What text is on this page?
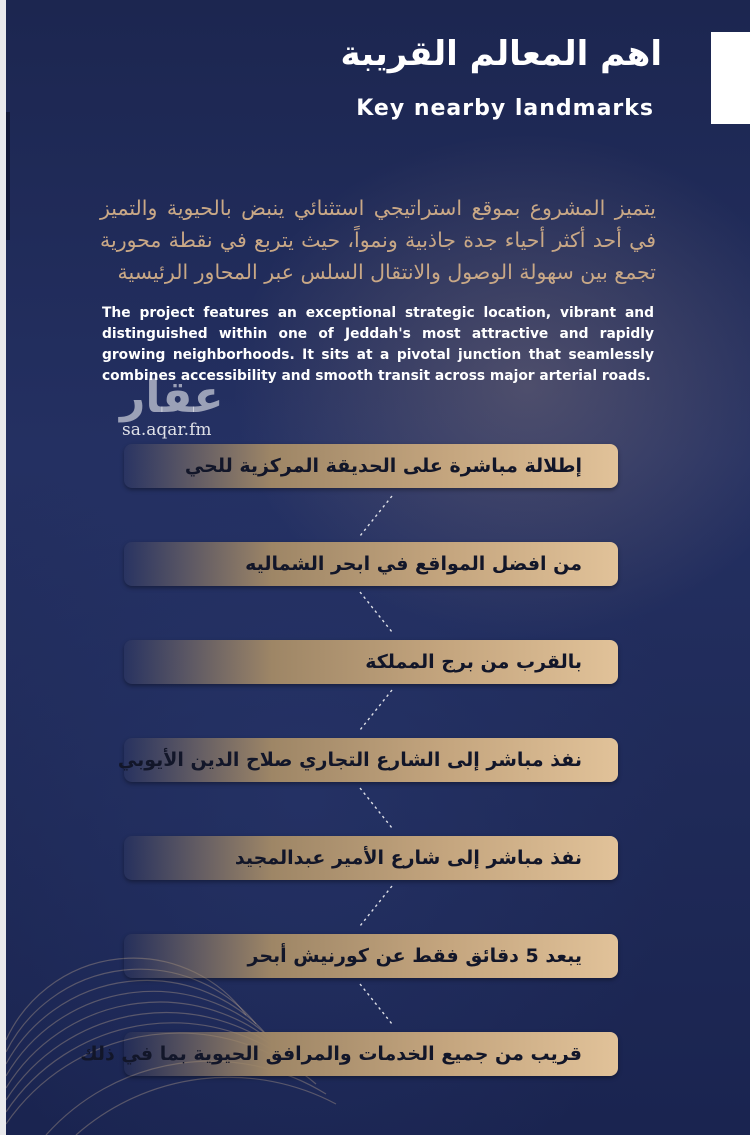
اهم المعالم القريبة
Key nearby landmarks
يتميز المشروع بموقع استراتيجي استثنائي ينبض بالحيوية والتميز في أحد أكثر أحياء جدة جاذبية ونمواً، حيث يتربع في نقطة محورية تجمع بين سهولة الوصول والانتقال السلس عبر المحاور الرئيسية
The project features an exceptional strategic location, vibrant and distinguished within one of Jeddah's most attractive and rapidly growing neighborhoods. It sits at a pivotal junction that seamlessly combines accessibility and smooth transit across major arterial roads.
عقار
sa.aqar.fm
إطلالة مباشرة على الحديقة المركزية للحي
من افضل المواقع في ابحر الشماليه
بالقرب من برج المملكة
نفذ مباشر إلى الشارع التجاري صلاح الدين الأيوبي
نفذ مباشر إلى شارع الأمير عبدالمجيد
يبعد 5 دقائق فقط عن كورنيش أبحر
قريب من جميع الخدمات والمرافق الحيوية بما في ذلك
